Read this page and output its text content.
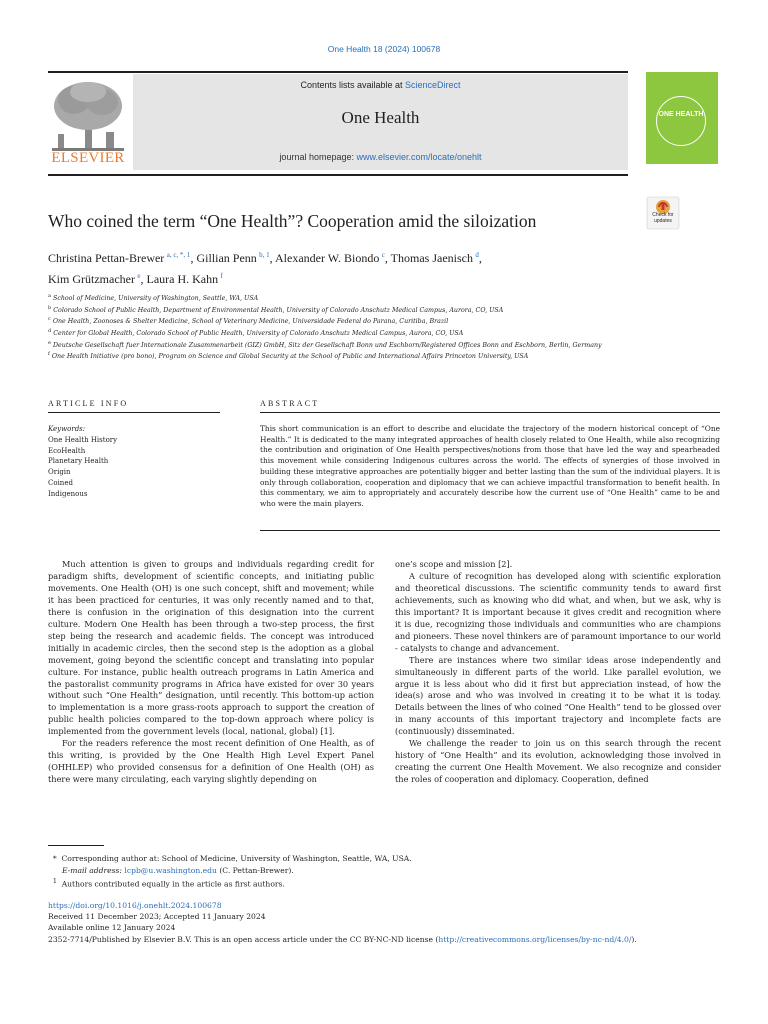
One Health 18 (2024) 100678
ELSEVIER
Contents lists available at ScienceDirect
One Health
journal homepage: www.elsevier.com/locate/onehlt
ONE HEALTH
Who coined the term “One Health”? Cooperation amid the siloization	Check for updates
Christina Pettan-Brewer  $^{a, c, *, 1}$, Gillian Penn  $^{b, 1}$, Alexander W. Biondo  $^c$, Thomas Jaenisch  $^d$,
Kim Grützmacher  $^e$, Laura H. Kahn  $^f$
$^a$ School of Medicine, University of Washington, Seattle, WA, USA
$^b$ Colorado School of Public Health, Department of Environmental Health, University of Colorado Anschutz Medical Campus, Aurora, CO, USA
$^c$ One Health, Zoonoses & Shelter Medicine, School of Veterinary Medicine, Universidade Federal do Parana, Curitiba, Brazil
$^d$ Center for Global Health, Colorado School of Public Health, University of Colorado Anschutz Medical Campus, Aurora, CO, USA
$^e$ Deutsche Gesellschaft fuer Internationale Zusammenarbeit (GIZ) GmbH, Sitz der Gesellschaft Bonn und Eschborn/Registered Offices Bonn and Eschborn, Berlin, Germany
$^f$ One Health Initiative (pro bono), Program on Science and Global Security at the School of Public and International Affairs Princeton University, USA
ARTICLE INFO	ABSTRACT
Keywords:
One Health History
EcoHealth
Planetary Health
Origin
Coined
Indigenous
This short communication is an effort to describe and elucidate the trajectory of the modern historical concept of “One Health.” It is dedicated to the many integrated approaches of health closely related to One Health, while also recognizing the contribution and origination of One Health perspectives/notions from those that have led the way and spearheaded this movement while considering Indigenous cultures across the world. The effects of synergies of those involved in building these integrative approaches are potentially bigger and better lasting than the sum of the individual players. It is only through collaboration, cooperation and diplomacy that we can achieve impactful transformation to benefit health. In this commentary, we aim to appropriately and accurately describe how the current use of “One Health” came to be and who were the main players.

Much attention is given to groups and individuals regarding credit for paradigm shifts, development of scientific concepts, and initiating public movements. One Health (OH) is one such concept, shift and movement; while it has been practiced for centuries, it was only recently named and to that, there is confusion in the origination of this designation into the current culture. Modern One Health has been through a two-step process, the first step being the research and academic fields. The concept was introduced initially in academic circles, then the second step is the adoption as a global movement, going beyond the scientific concept and translating into popular culture. For instance, public health outreach programs in Latin America and the pastoralist community programs in Africa have existed for over 30 years without such “One Health” designation, until recently. This bottom-up action to implementation is a more grass-roots approach to support the creation of public health policies compared to the top-down approach where policy is implemented from the government levels (local, national, global) [1].

For the readers reference the most recent definition of One Health, as of this writing, is provided by the One Health High Level Expert Panel (OHHLEP) who provided consensus for a definition of One Health (OH) as there were many circulating, each varying slightly depending on

one’s scope and mission [2].

A culture of recognition has developed along with scientific exploration and theoretical discussions. The scientific community tends to award first achievements, such as knowing who did what, and when, but we ask, why is this important? It is important because it gives credit and recognition where it is due, recognizing those individuals and communities who are champions and pioneers. These novel thinkers are of paramount importance to our world - catalysts to change and advancement.

There are instances where two similar ideas arose independently and simultaneously in different parts of the world. Like parallel evolution, we argue it is less about who did it first but appreciation instead, of how the idea(s) arose and who was involved in creating it to be what it is today. Details between the lines of who coined “One Health” tend to be glossed over in many accounts of this important trajectory and incomplete facts are (continuously) disseminated.

We challenge the reader to join us on this search through the recent history of “One Health” and its evolution, acknowledging those involved in creating the current One Health Movement. We also recognize and consider the roles of cooperation and diplomacy. Cooperation, defined

*  Corresponding author at: School of Medicine, University of Washington, Seattle, WA, USA.
E-mail address: lcpb@u.washington.edu (C. Pettan-Brewer).
$^1$ Authors contributed equally in the article as first authors.
https://doi.org/10.1016/j.onehlt.2024.100678
Received 11 December 2023; Accepted 11 January 2024
Available online 12 January 2024
2352-7714/Published by Elsevier B.V. This is an open access article under the CC BY-NC-ND license (http://creativecommons.org/licenses/by-nc-nd/4.0/).
